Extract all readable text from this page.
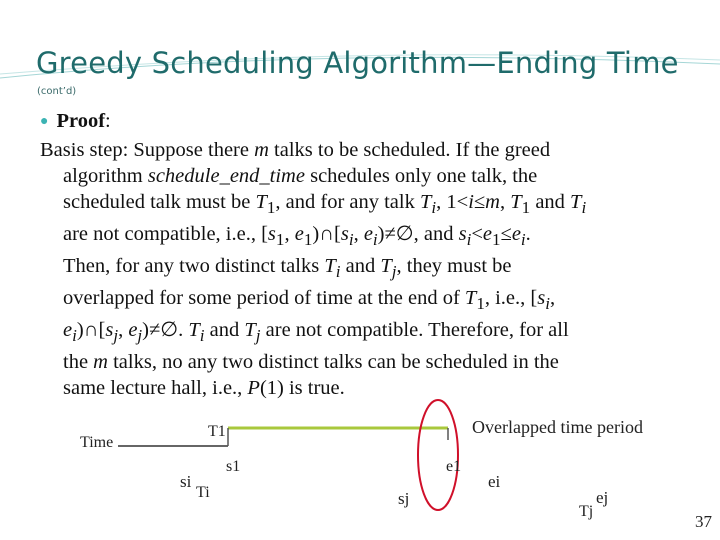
Greedy Scheduling Algorithm—Ending Time
(cont’d)
● Proof:
Basis step: Suppose there m talks to be scheduled. If the greed
algorithm schedule_end_time schedules only one talk, the
scheduled talk must be $T_1$, and for any talk $T_i$, 1<i≤m, $T_1$ and $T_i$
are not compatible, i.e., [$s_1$, $e_1)\cap[s_i$, $e_i)\ne\emptyset$, and $s_i<e_1\le e_i$.
Then, for any two distinct talks $T_i$ and $T_j$, they must be
overlapped for some period of time at the end of $T_1$, i.e., [$s_i$,
$e_i)\cap[s_j$, $e_j)\ne\emptyset$. $T_i$ and $T_j$ are not compatible. Therefore, for all
the m talks, no any two distinct talks can be scheduled in the
same lecture hall, i.e., P(1) is true.
Time
T1	Overlapped time period
s1	e1
si
Ti
ei
sj	ej
Tj
37
